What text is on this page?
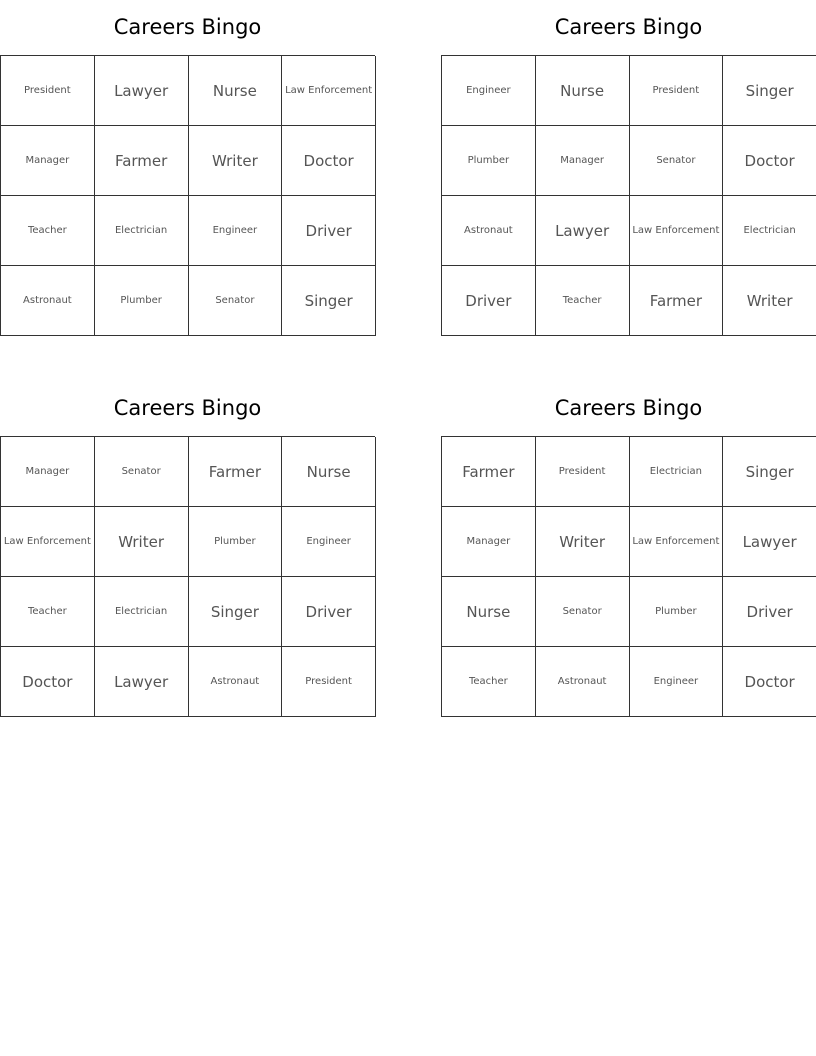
Careers Bingo
President	Lawyer	Nurse	Law Enforcement
Manager	Farmer	Writer	Doctor
Teacher	Electrician	Engineer	Driver
Astronaut	Plumber	Senator	Singer
Careers Bingo
Engineer	Nurse	President	Singer
Plumber	Manager	Senator	Doctor
Astronaut	Lawyer	Law Enforcement	Electrician
Driver	Teacher	Farmer	Writer
Careers Bingo
Manager	Senator	Farmer	Nurse
Law Enforcement	Writer	Plumber	Engineer
Teacher	Electrician	Singer	Driver
Doctor	Lawyer	Astronaut	President
Careers Bingo
Farmer	President	Electrician	Singer
Manager	Writer	Law Enforcement	Lawyer
Nurse	Senator	Plumber	Driver
Teacher	Astronaut	Engineer	Doctor
